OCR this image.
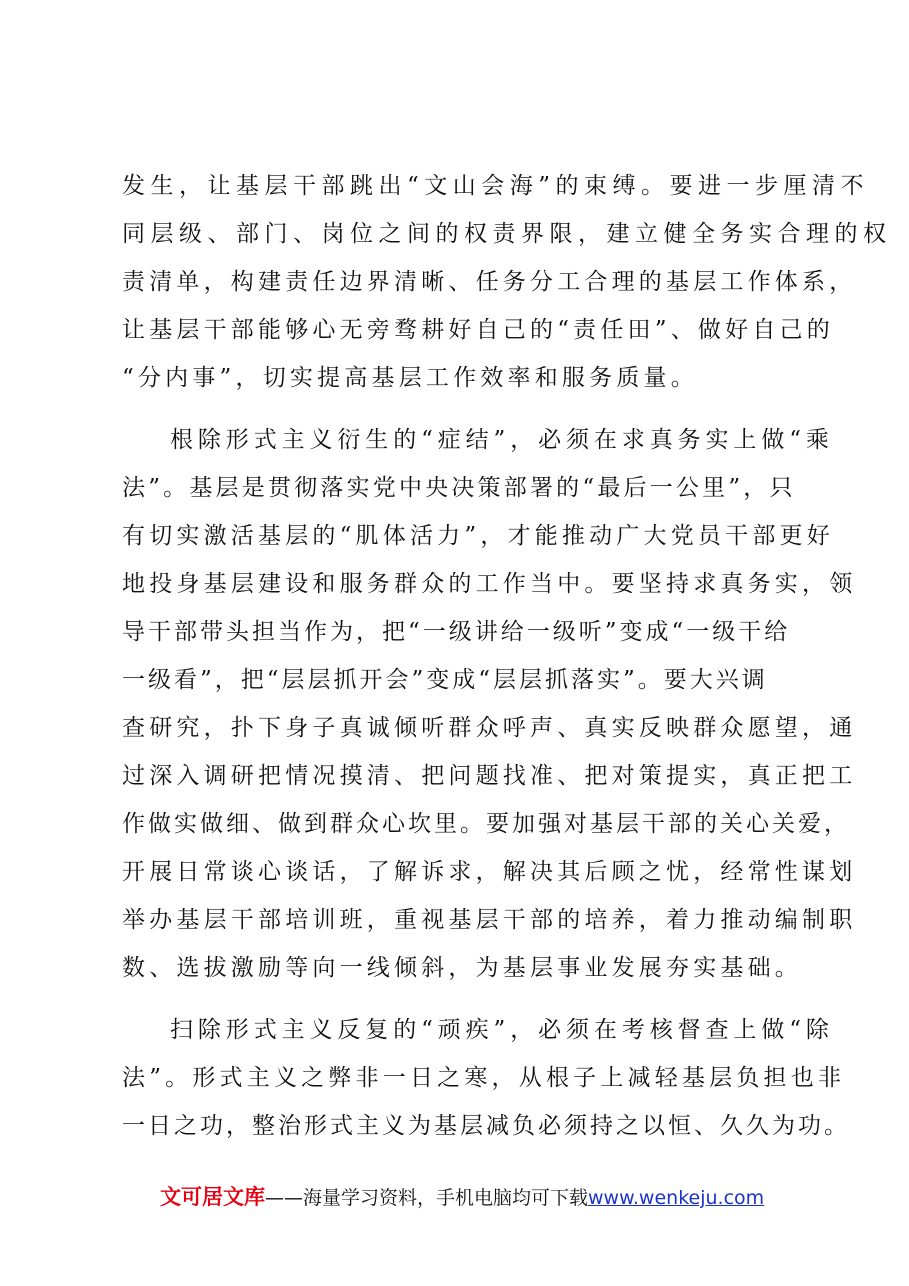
发生，让基层干部跳出“文山会海”的束缚。要进一步厘清不
同层级、部门、岗位之间的权责界限，建立健全务实合理的权
责清单，构建责任边界清晰、任务分工合理的基层工作体系，
让基层干部能够心无旁骛耕好自己的“责任田”、做好自己的
“分内事”，切实提高基层工作效率和服务质量。
根除形式主义衍生的“症结”，必须在求真务实上做“乘
法”。基层是贯彻落实党中央决策部署的“最后一公里”，只
有切实激活基层的“肌体活力”，才能推动广大党员干部更好
地投身基层建设和服务群众的工作当中。要坚持求真务实，领
导干部带头担当作为，把“一级讲给一级听”变成“一级干给
一级看”，把“层层抓开会”变成“层层抓落实”。要大兴调
查研究，扑下身子真诚倾听群众呼声、真实反映群众愿望，通
过深入调研把情况摸清、把问题找准、把对策提实，真正把工
作做实做细、做到群众心坎里。要加强对基层干部的关心关爱，
开展日常谈心谈话，了解诉求，解决其后顾之忧，经常性谋划
举办基层干部培训班，重视基层干部的培养，着力推动编制职
数、选拔激励等向一线倾斜，为基层事业发展夯实基础。
扫除形式主义反复的“顽疾”，必须在考核督查上做“除
法”。形式主义之弊非一日之寒，从根子上减轻基层负担也非
一日之功，整治形式主义为基层减负必须持之以恒、久久为功。
文可居文库——海量学习资料，手机电脑均可下载www.wenkeju.com
